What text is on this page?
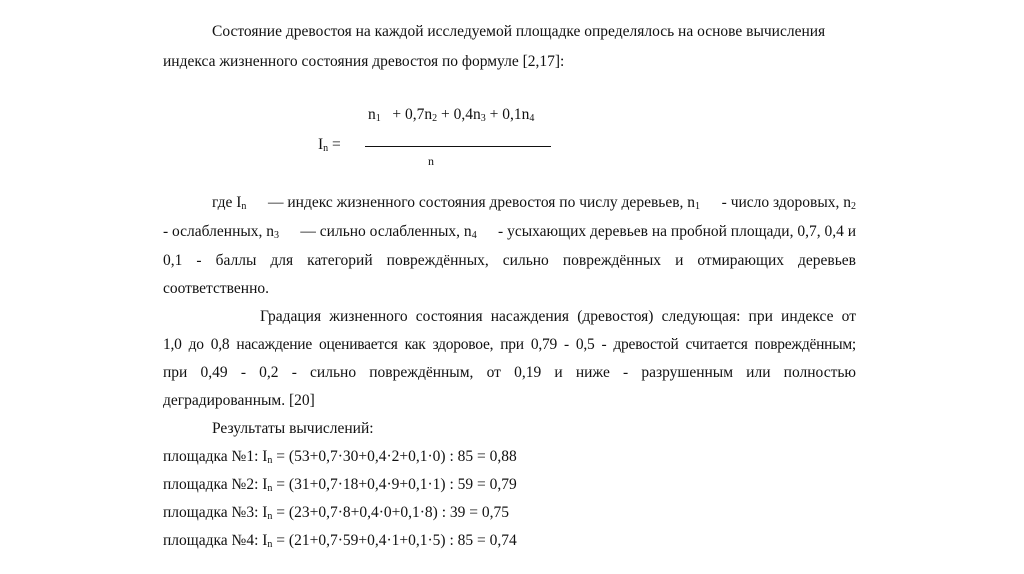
Состояние древостоя на каждой исследуемой площадке определялось на основе вычисления
индекса жизненного состояния древостоя по формуле [2,17]:
$n_1 + 0,7n_2 + 0,4n_3 + 0,1n_4$
$I_n$ =
n
где $I_n$ — индекс жизненного состояния древостоя по числу деревьев, $n_1$ - число здоровых, $n_2$
- ослабленных, $n_3$ — сильно ослабленных, $n_4$ - усыхающих деревьев на пробной площади, 0,7, 0,4 и
0,1 - баллы для категорий повреждённых, сильно повреждённых и отмирающих деревьев
соответственно.
Градация жизненного состояния насаждения (древостоя) следующая: при индексе от
1,0 до 0,8 насаждение оценивается как здоровое, при 0,79 - 0,5 - древостой считается повреждённым;
при 0,49 - 0,2 - сильно повреждённым, от 0,19 и ниже - разрушенным или полностью
деградированным. [20]
Результаты вычислений:
площадка №1: $I_n = (53+0,7\cdot 30+0,4\cdot 2+0,1\cdot 0)$ : 85 = 0,88
площадка №2: $I_n = (31+0,7\cdot 18+0,4\cdot 9+0,1\cdot 1)$ : 59 = 0,79
площадка №3: $I_n = (23+0,7\cdot 8+0,4\cdot 0+0,1\cdot 8)$ : 39 = 0,75
площадка №4: $I_n = (21+0,7\cdot 59+0,4\cdot 1+0,1\cdot 5)$ : 85 = 0,74
